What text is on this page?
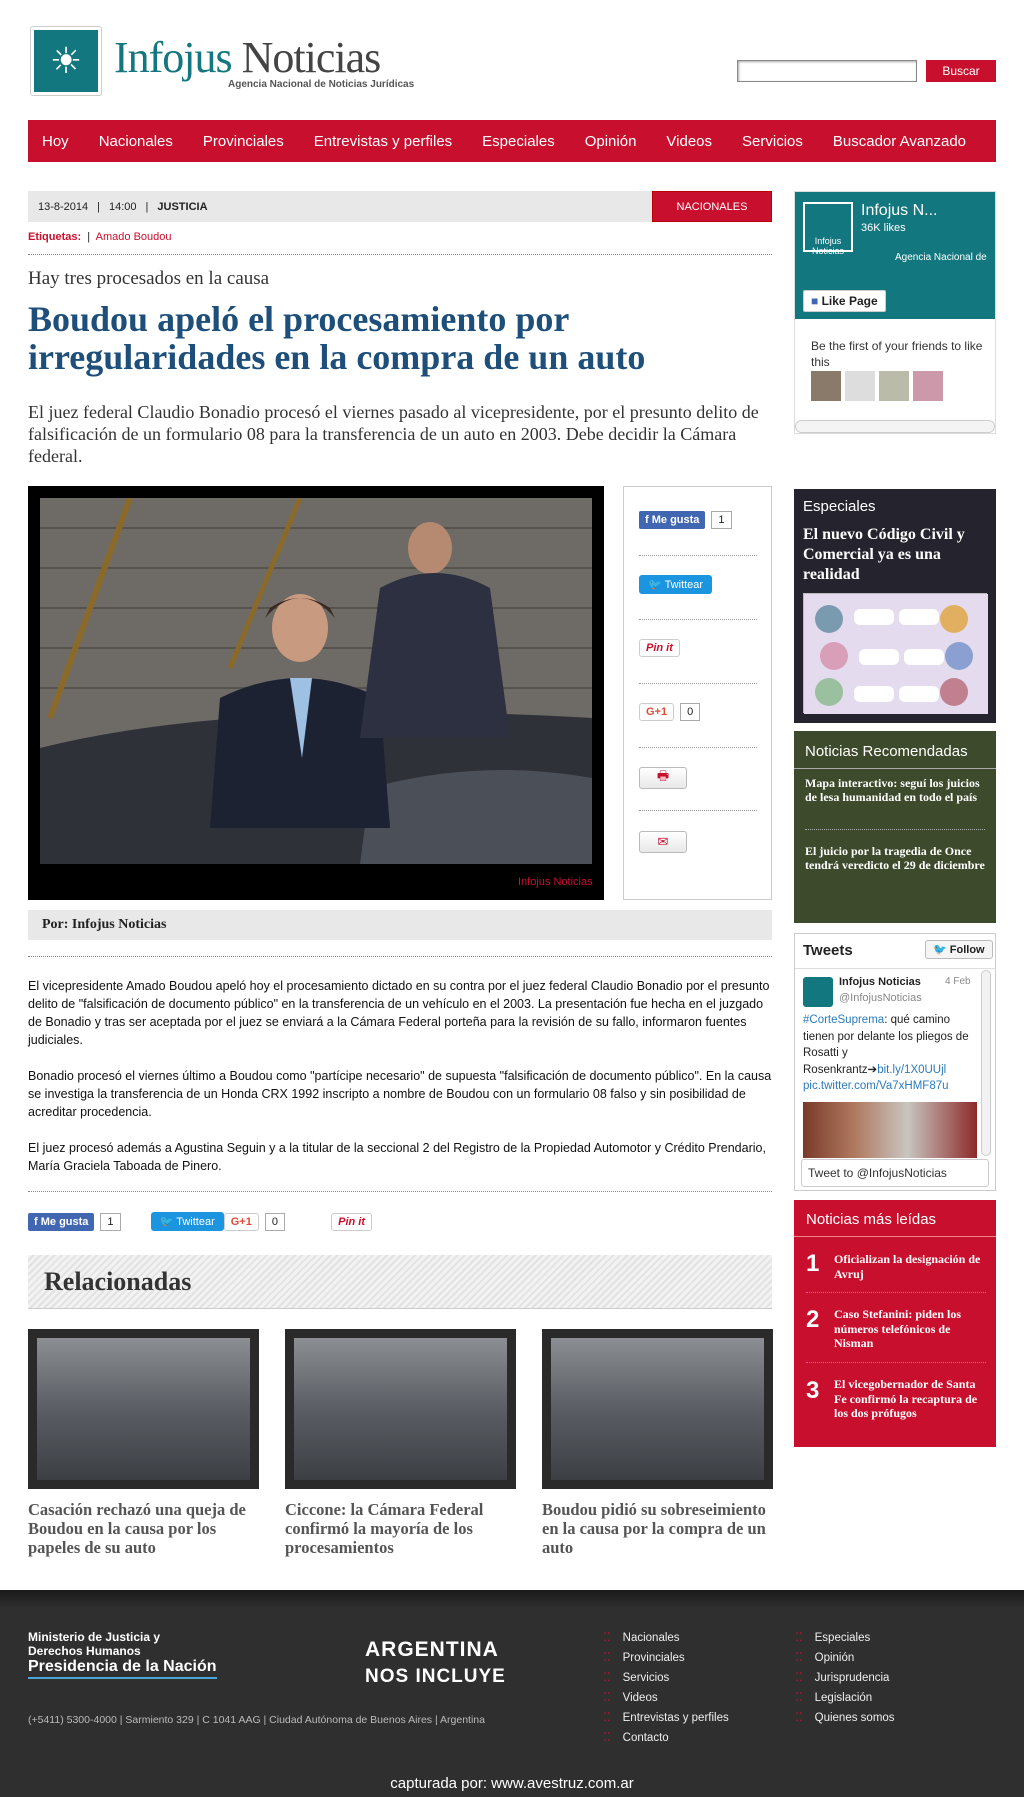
☀ Infojus Noticias
Agencia Nacional de Noticias Jurídicas
Buscar
Hoy Nacionales Provinciales Entrevistas y perfiles Especiales Opinión Videos Servicios Buscador Avanzado
13-8-2014 | 14:00 | JUSTICIA	NACIONALES
Etiquetas:  |  Amado Boudou
Hay tres procesados en la causa
Boudou apeló el procesamiento por irregularidades en la compra de un auto
El juez federal Claudio Bonadio procesó el viernes pasado al vicepresidente, por el presunto delito de falsificación de un formulario 08 para la transferencia de un auto en 2003. Debe decidir la Cámara federal.
Infojus Noticias
f Me gusta 1
🐦 Twittear
Pin it
G+1 0
🖶
✉
Por: Infojus Noticias

El vicepresidente Amado Boudou apeló hoy el procesamiento dictado en su contra por el juez federal Claudio Bonadio por el presunto delito de "falsificación de documento público" en la transferencia de un vehículo en el 2003. La presentación fue hecha en el juzgado de Bonadio y tras ser aceptada por el juez se enviará a la Cámara Federal porteña para la revisión de su fallo, informaron fuentes judiciales.

Bonadio procesó el viernes último a Boudou como "partícipe necesario" de supuesta "falsificación de documento público". En la causa se investiga la transferencia de un Honda CRX 1992 inscripto a nombre de Boudou con un formulario 08 falso y sin posibilidad de acreditar procedencia.

El juez procesó además a Agustina Seguin y a la titular de la seccional 2 del Registro de la Propiedad Automotor y Crédito Prendario, María Graciela Taboada de Pinero.

f Me gusta 1	🐦 Twittear G+1 0	Pin it
Relacionadas
Casación rechazó una queja de Boudou en la causa por los papeles de su auto
Ciccone: la Cámara Federal confirmó la mayoría de los procesamientos
Boudou pidió su sobreseimiento en la causa por la compra de un auto
Infojus Noticias
Infojus N...
36K likes
Agencia Nacional de
■ Like Page
Be the first of your friends to like this
Especiales
El nuevo Código Civil y Comercial ya es una realidad
Noticias Recomendadas
Mapa interactivo: seguí los juicios de lesa humanidad en todo el país
El juicio por la tragedia de Once tendrá veredicto el 29 de diciembre
Tweets	🐦 Follow
Infojus Noticias 4 Feb
@InfojusNoticias
#CorteSuprema: qué camino tienen por delante los pliegos de Rosatti y Rosenkrantz➔bit.ly/1X0UUjl
pic.twitter.com/Va7xHMF87u
Tweet to @InfojusNoticias
Noticias más leídas
1 Oficializan la designación de Avruj
2 Caso Stefanini: piden los números telefónicos de Nisman
3 El vicegobernador de Santa Fe confirmó la recaptura de los dos prófugos
Ministerio de Justicia y Derechos Humanos
Presidencia de la Nación
(+5411) 5300-4000 | Sarmiento 329 | C 1041 AAG | Ciudad Autónoma de Buenos Aires | Argentina
ARGENTINA
NOS INCLUYE
⁚⁚ Nacionales
⁚⁚ Provinciales
⁚⁚ Servicios
⁚⁚ Videos
⁚⁚ Entrevistas y perfiles
⁚⁚ Contacto
⁚⁚ Especiales
⁚⁚ Opinión
⁚⁚ Jurisprudencia
⁚⁚ Legislación
⁚⁚ Quienes somos
capturada por: www.avestruz.com.ar
